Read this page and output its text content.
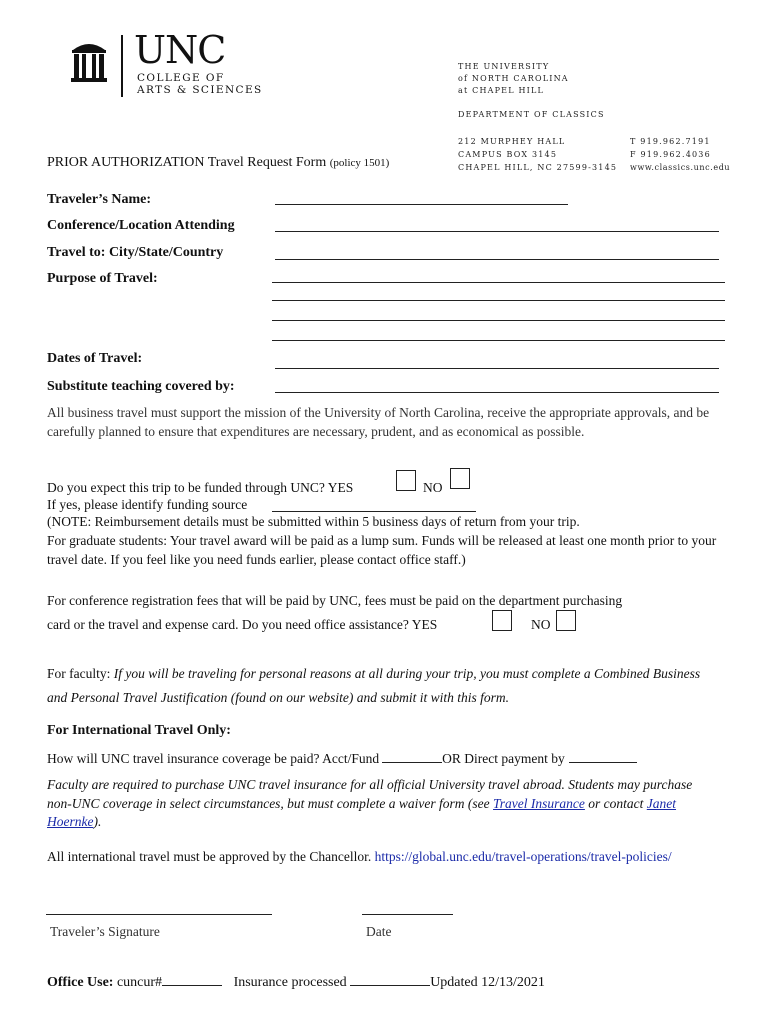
UNC
COLLEGE OF
ARTS & SCIENCES
THE UNIVERSITY
of NORTH CAROLINA
at CHAPEL HILL
DEPARTMENT OF CLASSICS
212 MURPHEY HALL
CAMPUS BOX 3145
CHAPEL HILL, NC 27599-3145
T 919.962.7191
F 919.962.4036
www.classics.unc.edu
PRIOR AUTHORIZATION Travel Request Form (policy 1501)
Traveler’s Name:
Conference/Location Attending
Travel to: City/State/Country
Purpose of Travel:
Dates of Travel:
Substitute teaching covered by:
All business travel must support the mission of the University of North Carolina, receive the appropriate approvals, and be carefully planned to ensure that expenditures are necessary, prudent, and as economical as possible.
Do you expect this trip to be funded through UNC? YES	NO
If yes, please identify funding source
(NOTE: Reimbursement details must be submitted within 5 business days of return from your trip.
For graduate students: Your travel award will be paid as a lump sum. Funds will be released at least one month prior to your travel date. If you feel like you need funds earlier, please contact office staff.)
For conference registration fees that will be paid by UNC, fees must be paid on the department purchasing
card or the travel and expense card. Do you need office assistance? YES	NO
For faculty: If you will be traveling for personal reasons at all during your trip, you must complete a Combined Business and Personal Travel Justification (found on our website) and submit it with this form.
For International Travel Only:
How will UNC travel insurance coverage be paid? Acct/Fund	OR Direct payment by
Faculty are required to purchase UNC travel insurance for all official University travel abroad. Students may purchase non-UNC coverage in select circumstances, but must complete a waiver form (see Travel Insurance or contact Janet Hoernke).
All international travel must be approved by the Chancellor. https://global.unc.edu/travel-operations/travel-policies/
Traveler’s Signature	Date
Office Use: cuncur#	Insurance processed	Updated 12/13/2021
